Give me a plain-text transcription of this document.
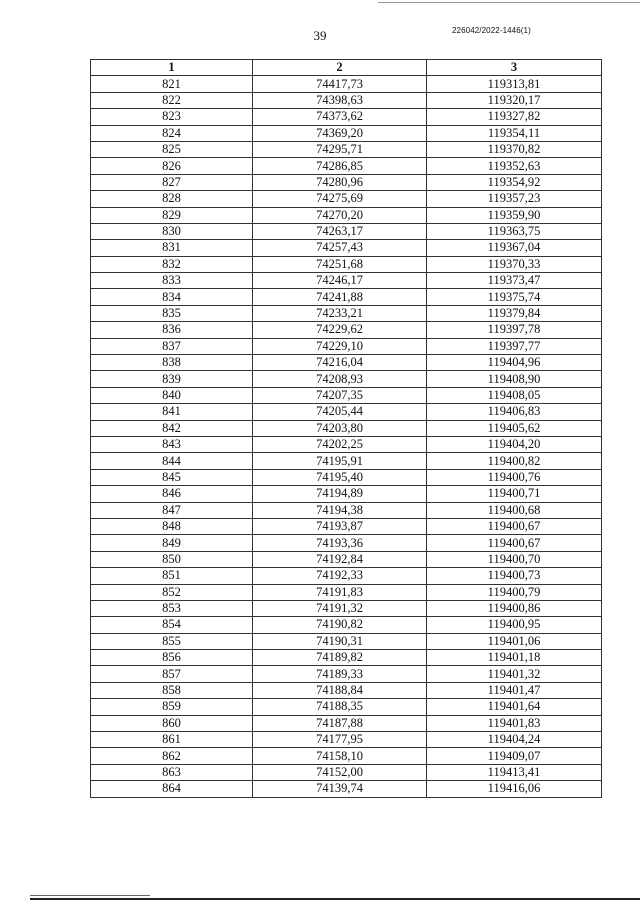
39	226042/2022-1446(1)
1	2	3
821	74417,73	119313,81
822	74398,63	119320,17
823	74373,62	119327,82
824	74369,20	119354,11
825	74295,71	119370,82
826	74286,85	119352,63
827	74280,96	119354,92
828	74275,69	119357,23
829	74270,20	119359,90
830	74263,17	119363,75
831	74257,43	119367,04
832	74251,68	119370,33
833	74246,17	119373,47
834	74241,88	119375,74
835	74233,21	119379,84
836	74229,62	119397,78
837	74229,10	119397,77
838	74216,04	119404,96
839	74208,93	119408,90
840	74207,35	119408,05
841	74205,44	119406,83
842	74203,80	119405,62
843	74202,25	119404,20
844	74195,91	119400,82
845	74195,40	119400,76
846	74194,89	119400,71
847	74194,38	119400,68
848	74193,87	119400,67
849	74193,36	119400,67
850	74192,84	119400,70
851	74192,33	119400,73
852	74191,83	119400,79
853	74191,32	119400,86
854	74190,82	119400,95
855	74190,31	119401,06
856	74189,82	119401,18
857	74189,33	119401,32
858	74188,84	119401,47
859	74188,35	119401,64
860	74187,88	119401,83
861	74177,95	119404,24
862	74158,10	119409,07
863	74152,00	119413,41
864	74139,74	119416,06
